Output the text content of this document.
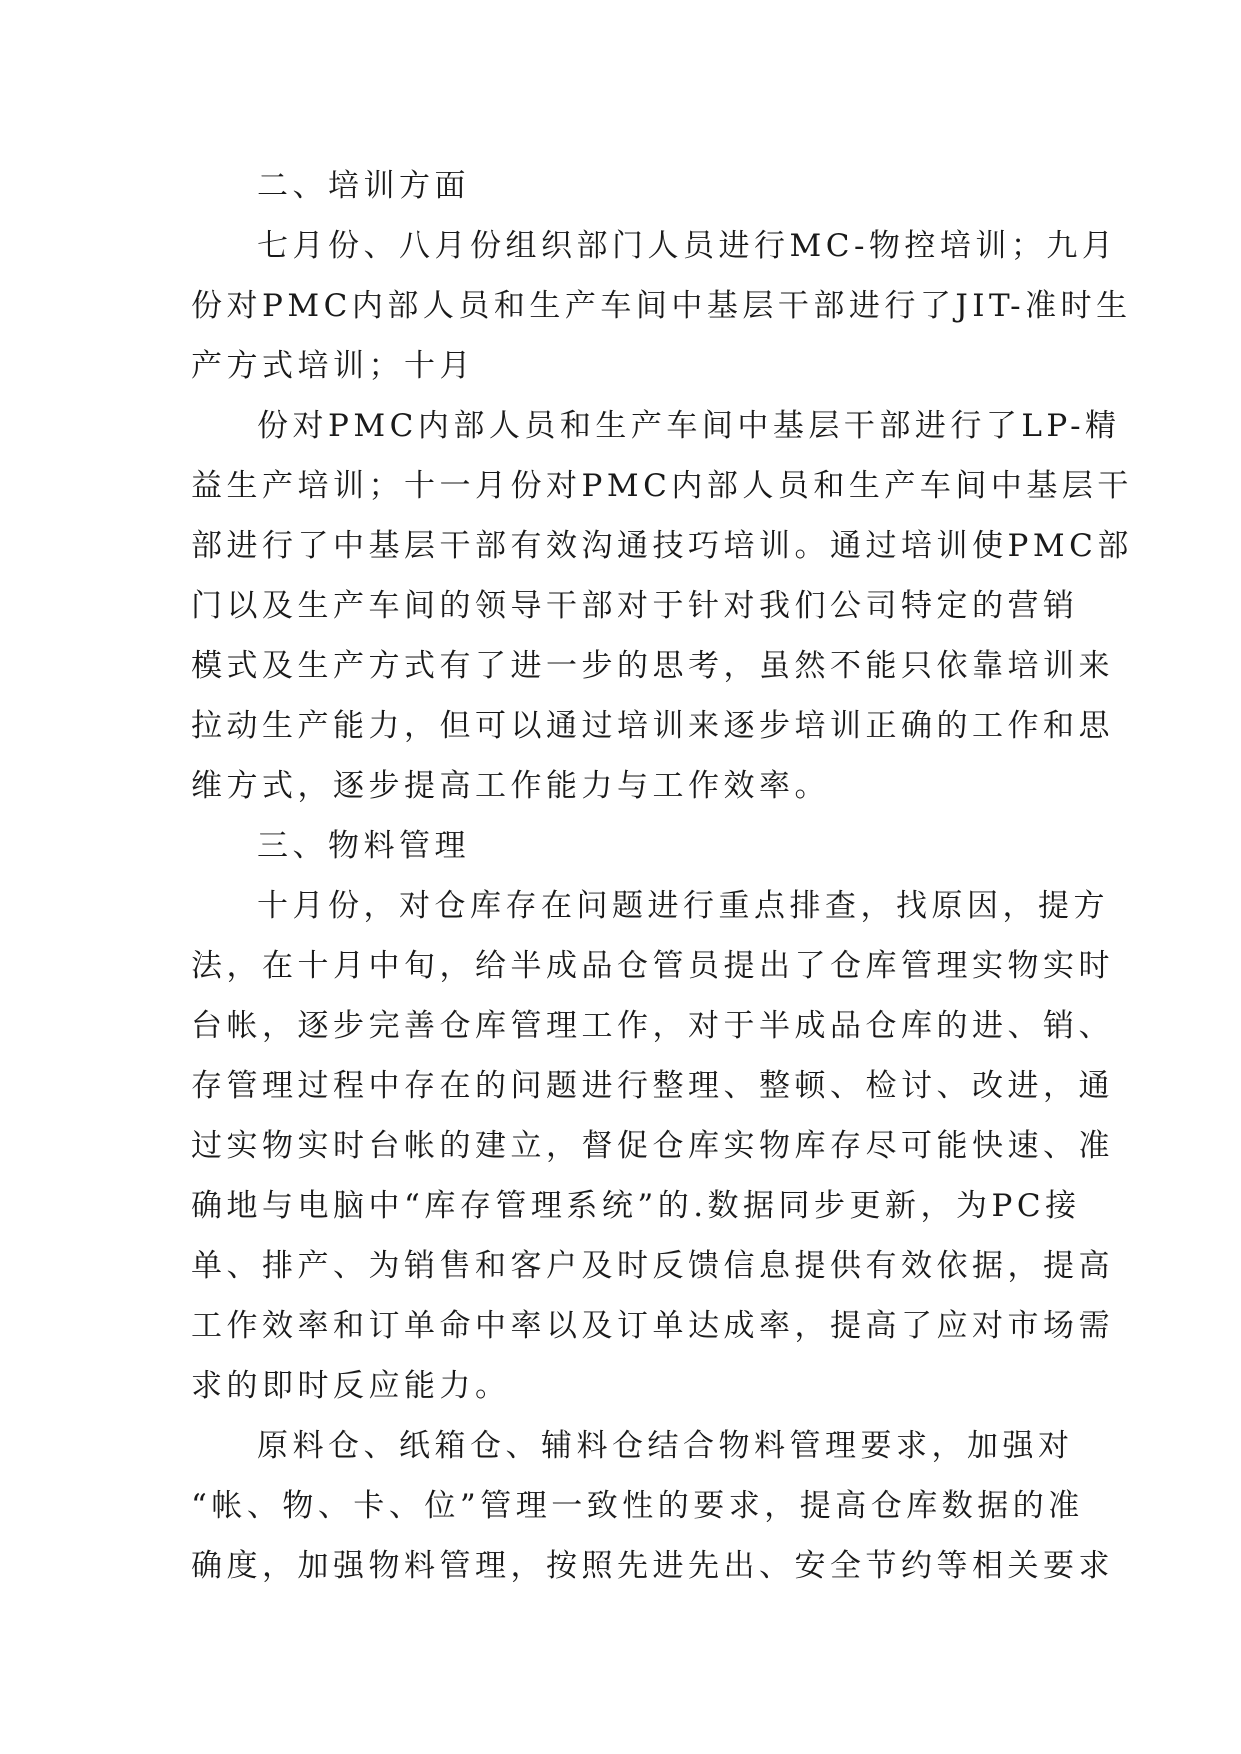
二、培训方面

七月份、八月份组织部门人员进行MC-物控培训；九月

份对PMC内部人员和生产车间中基层干部进行了JIT-准时生

产方式培训；十月

份对PMC内部人员和生产车间中基层干部进行了LP-精

益生产培训；十一月份对PMC内部人员和生产车间中基层干

部进行了中基层干部有效沟通技巧培训。通过培训使PMC部

门以及生产车间的领导干部对于针对我们公司特定的营销

模式及生产方式有了进一步的思考，虽然不能只依靠培训来

拉动生产能力，但可以通过培训来逐步培训正确的工作和思

维方式，逐步提高工作能力与工作效率。

三、物料管理

十月份，对仓库存在问题进行重点排查，找原因，提方

法，在十月中旬，给半成品仓管员提出了仓库管理实物实时

台帐，逐步完善仓库管理工作，对于半成品仓库的进、销、

存管理过程中存在的问题进行整理、整顿、检讨、改进，通

过实物实时台帐的建立，督促仓库实物库存尽可能快速、准

确地与电脑中“库存管理系统”的.数据同步更新，为PC接

单、排产、为销售和客户及时反馈信息提供有效依据，提高

工作效率和订单命中率以及订单达成率，提高了应对市场需

求的即时反应能力。

原料仓、纸箱仓、辅料仓结合物料管理要求，加强对

“帐、物、卡、位”管理一致性的要求，提高仓库数据的准

确度，加强物料管理，按照先进先出、安全节约等相关要求
